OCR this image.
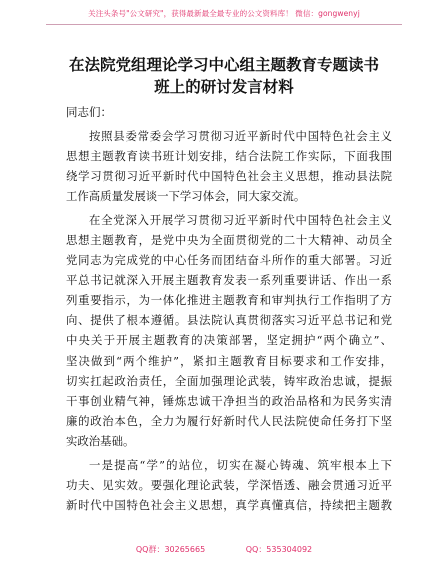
关注头条号"公文研究"，获得最新最全最专业的公文资料库！ 微信：gongwenyj
在法院党组理论学习中心组主题教育专题读书
班上的研讨发言材料
同志们：
按照县委常委会学习贯彻习近平新时代中国特色社会主义
思想主题教育读书班计划安排，结合法院工作实际，下面我围
绕学习贯彻习近平新时代中国特色社会主义思想，推动县法院
工作高质量发展谈一下学习体会，同大家交流。
在全党深入开展学习贯彻习近平新时代中国特色社会主义
思想主题教育，是党中央为全面贯彻党的二十大精神、动员全
党同志为完成党的中心任务而团结奋斗所作的重大部署。习近
平总书记就深入开展主题教育发表一系列重要讲话、作出一系
列重要指示，为一体化推进主题教育和审判执行工作指明了方
向、提供了根本遵循。县法院认真贯彻落实习近平总书记和党
中央关于开展主题教育的决策部署，坚定拥护“两个确立”、
坚决做到“两个维护”，紧扣主题教育目标要求和工作安排，
切实扛起政治责任，全面加强理论武装，铸牢政治忠诚，提振
干事创业精气神，锤炼忠诚干净担当的政治品格和为民务实清
廉的政治本色，全力为履行好新时代人民法院使命任务打下坚
实政治基础。
一是提高“学”的站位，切实在凝心铸魂、筑牢根本上下
功夫、见实效。要强化理论武装，学深悟透、融会贯通习近平
新时代中国特色社会主义思想，真学真懂真信，持续把主题教
QQ群：30265665	QQ：535304092
